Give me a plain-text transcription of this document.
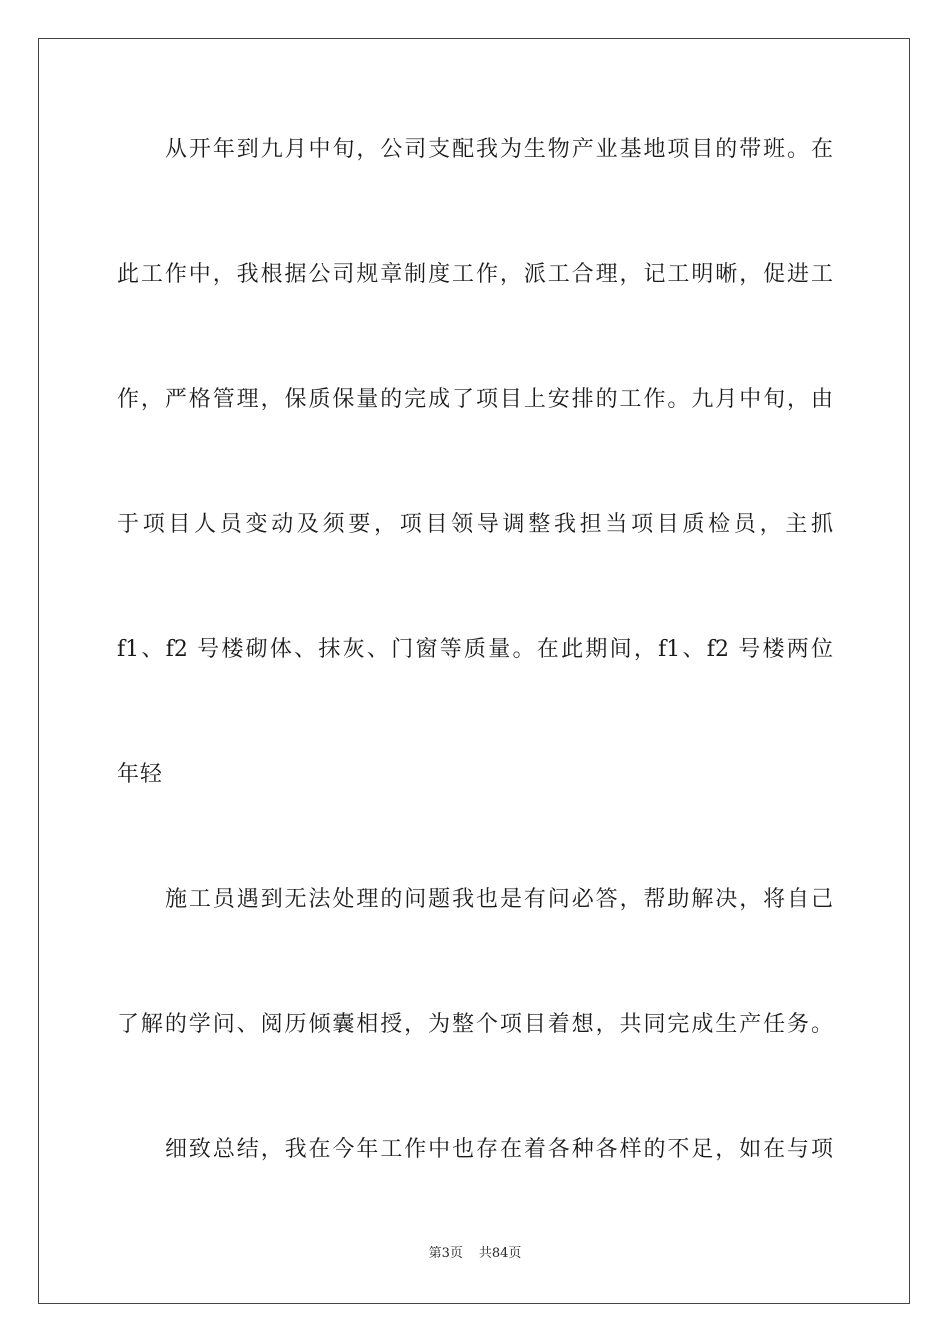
从开年到九月中旬，公司支配我为生物产业基地项目的带班。在
此工作中，我根据公司规章制度工作，派工合理，记工明晰，促进工
作，严格管理，保质保量的完成了项目上安排的工作。九月中旬，由
于项目人员变动及须要，项目领导调整我担当项目质检员，主抓
f1、f2 号楼砌体、抹灰、门窗等质量。在此期间，f1、f2 号楼两位
年轻
施工员遇到无法处理的问题我也是有问必答，帮助解决，将自己
了解的学问、阅历倾囊相授，为整个项目着想，共同完成生产任务。
细致总结，我在今年工作中也存在着各种各样的不足，如在与项
第3页 共84页
